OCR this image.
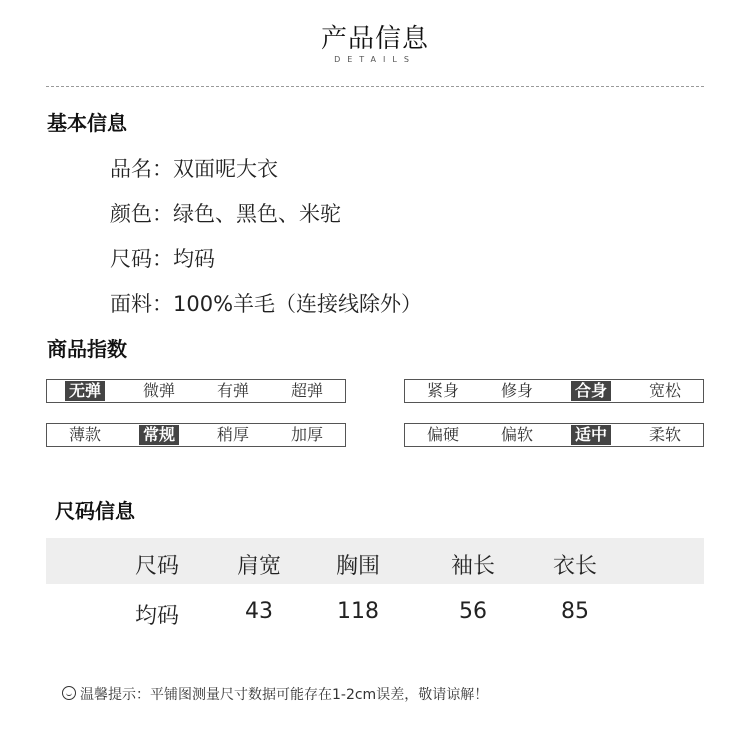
产品信息
DETAILS
基本信息
品名：双面呢大衣
颜色：绿色、黑色、米驼
尺码：均码
面料：100%羊毛（连接线除外）
商品指数
无弹	微弹	有弹	超弹	紧身	修身	合身	宽松
薄款	常规	稍厚	加厚	偏硬	偏软	适中	柔软
尺码信息
尺码	肩宽	胸围	袖长	衣长
均码	43	118	56	85
温馨提示：平铺图测量尺寸数据可能存在1-2cm误差，敬请谅解！
